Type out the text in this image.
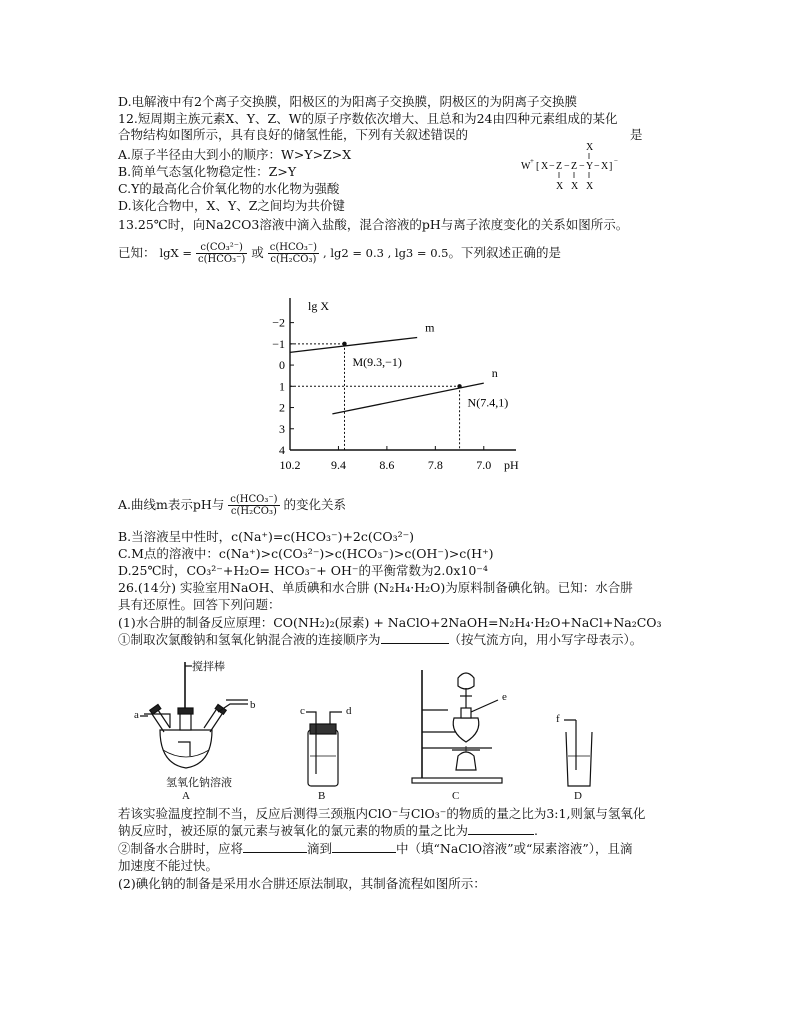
D.电解液中有2个离子交换膜，阳极区的为阳离子交换膜，阴极区的为阴离子交换膜
12.短周期主族元素X、Y、Z、W的原子序数依次增大、且总和为24由四种元素组成的某化
合物结构如图所示，具有良好的储氢性能，下列有关叙述错误的	是
A.原子半径由大到小的顺序：W>Y>Z>X
B.简单气态氢化物稳定性：Z>Y
C.Y的最高化合价氧化物的水化物为强酸
D.该化合物中，X、Y、Z之间均为共价键
X
W + [ X − Z − Z − Y − X ] −
X X X
13.25℃时，向Na2CO3溶液中滴入盐酸，混合溶液的pH与离子浓度变化的关系如图所示。
已知： lgX = c(CO₃²⁻)
c(HCO₃⁻) 或 c(HCO₃⁻)
c(H₂CO₃) , lg2 = 0.3 , lg3 = 0.5。下列叙述正确的是
lg X
pH
−2
−1
0
1
2
3
4
10.2	9.4	8.6	7.8	7.0
m
n
M(9.3,−1)
N(7.4,1)
A.曲线m表示pH与 c(HCO₃⁻)
c(H₂CO₃) 的变化关系
B.当溶液呈中性时，c(Na⁺)=c(HCO₃⁻)+2c(CO₃²⁻)
C.M点的溶液中：c(Na⁺)>c(CO₃²⁻)>c(HCO₃⁻)>c(OH⁻)>c(H⁺)
D.25℃时，CO₃²⁻+H₂O= HCO₃⁻+ OH⁻的平衡常数为2.0x10⁻⁴
26.(14分) 实验室用NaOH、单质碘和水合肼 (N₂H₄·H₂O)为原料制备碘化钠。已知：水合肼
具有还原性。回答下列问题：
(1)水合肼的制备反应原理：CO(NH₂)₂(尿素) + NaClO+2NaOH=N₂H₄·H₂O+NaCl+Na₂CO₃
①制取次氯酸钠和氢氧化钠混合液的连接顺序为	（按气流方向，用小写字母表示）。
搅拌棒
a
b
氢氧化钠溶液
A
c	d
B
e
C
f
D
若该实验温度控制不当，反应后测得三颈瓶内ClO⁻与ClO₃⁻的物质的量之比为3:1,则氯与氢氧化
钠反应时，被还原的氯元素与被氧化的氯元素的物质的量之比为	.
②制备水合肼时，应将	滴到	中（填“NaClO溶液”或“尿素溶液”），且滴
加速度不能过快。
(2)碘化钠的制备是采用水合肼还原法制取，其制备流程如图所示：
